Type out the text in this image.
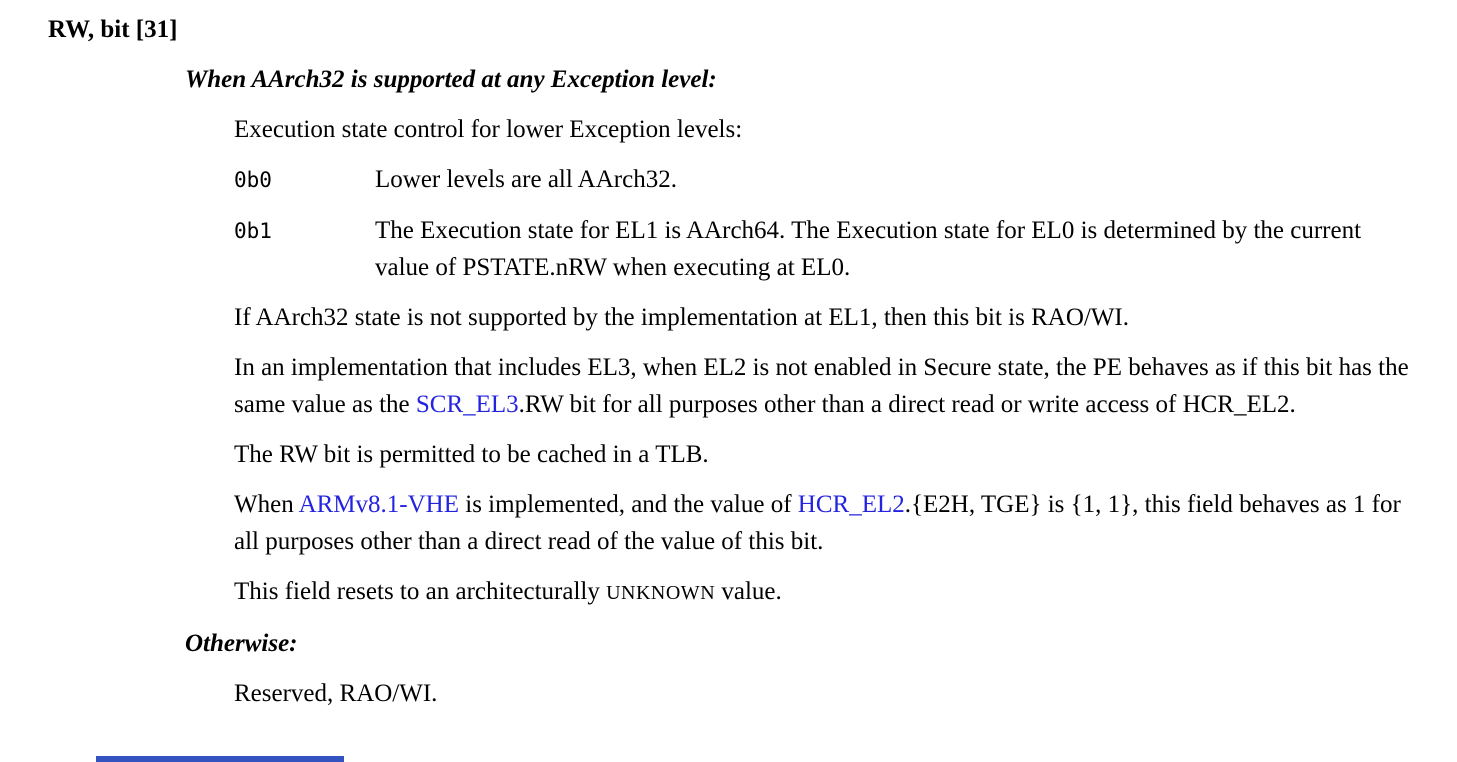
RW, bit [31]
When AArch32 is supported at any Exception level:

Execution state control for lower Exception levels:

0b0	Lower levels are all AArch32.
0b1	The Execution state for EL1 is AArch64. The Execution state for EL0 is determined by the current value of PSTATE.nRW when executing at EL0.

If AArch32 state is not supported by the implementation at EL1, then this bit is RAO/WI.

In an implementation that includes EL3, when EL2 is not enabled in Secure state, the PE behaves as if this bit has the same value as the SCR_EL3.RW bit for all purposes other than a direct read or write access of HCR_EL2.

The RW bit is permitted to be cached in a TLB.

When ARMv8.1-VHE is implemented, and the value of HCR_EL2.{E2H, TGE} is {1, 1}, this field behaves as 1 for all purposes other than a direct read of the value of this bit.

This field resets to an architecturally UNKNOWN value.

Otherwise:

Reserved, RAO/WI.
